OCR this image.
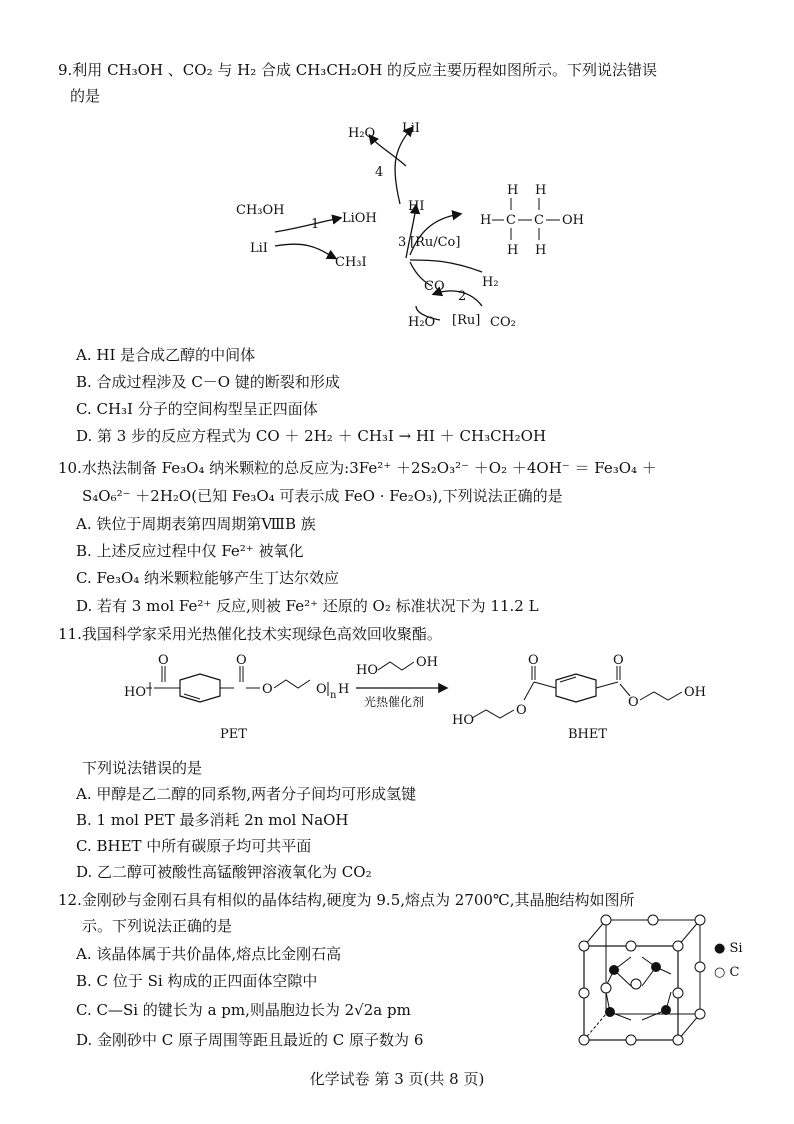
9.利用 CH₃OH 、CO₂ 与 H₂ 合成 CH₃CH₂OH 的反应主要历程如图所示。下列说法错误
的是
H₂O LiI
4
CH₃OH
1 LiOH
HI
LiI
CH₃I
3 [Ru/Co]
CO	H₂
2
H₂O [Ru] CO₂
H H
H C C OH
H H
A. HI 是合成乙醇的中间体
B. 合成过程涉及 C－O 键的断裂和形成
C. CH₃I 分子的空间构型呈正四面体
D. 第 3 步的反应方程式为 CO ＋ 2H₂ ＋ CH₃I → HI ＋ CH₃CH₂OH
10.水热法制备 Fe₃O₄ 纳米颗粒的总反应为:3Fe²⁺ ＋2S₂O₃²⁻ ＋O₂ ＋4OH⁻ ＝ Fe₃O₄ ＋
S₄O₆²⁻ ＋2H₂O(已知 Fe₃O₄ 可表示成 FeO · Fe₂O₃),下列说法正确的是
A. 铁位于周期表第四周期第ⅧB 族
B. 上述反应过程中仅 Fe²⁺ 被氧化
C. Fe₃O₄ 纳米颗粒能够产生丁达尔效应
D. 若有 3 mol Fe²⁺ 反应,则被 Fe²⁺ 还原的 O₂ 标准状况下为 11.2 L
11.我国科学家采用光热催化技术实现绿色高效回收聚酯。
HO
O	O
O	O n H
PET
HO
OH
光热催化剂
O
O
HO
O
O
OH
BHET
下列说法错误的是
A. 甲醇是乙二醇的同系物,两者分子间均可形成氢键
B. 1 mol PET 最多消耗 2n mol NaOH
C. BHET 中所有碳原子均可共平面
D. 乙二醇可被酸性高锰酸钾溶液氧化为 CO₂
12.金刚砂与金刚石具有相似的晶体结构,硬度为 9.5,熔点为 2700℃,其晶胞结构如图所
示。下列说法正确的是
A. 该晶体属于共价晶体,熔点比金刚石高
B. C 位于 Si 构成的正四面体空隙中
C. C—Si 的键长为 a pm,则晶胞边长为 2√2a pm
D. 金刚砂中 C 原子周围等距且最近的 C 原子数为 6
● Si
○ C
化学试卷 第 3 页(共 8 页)
